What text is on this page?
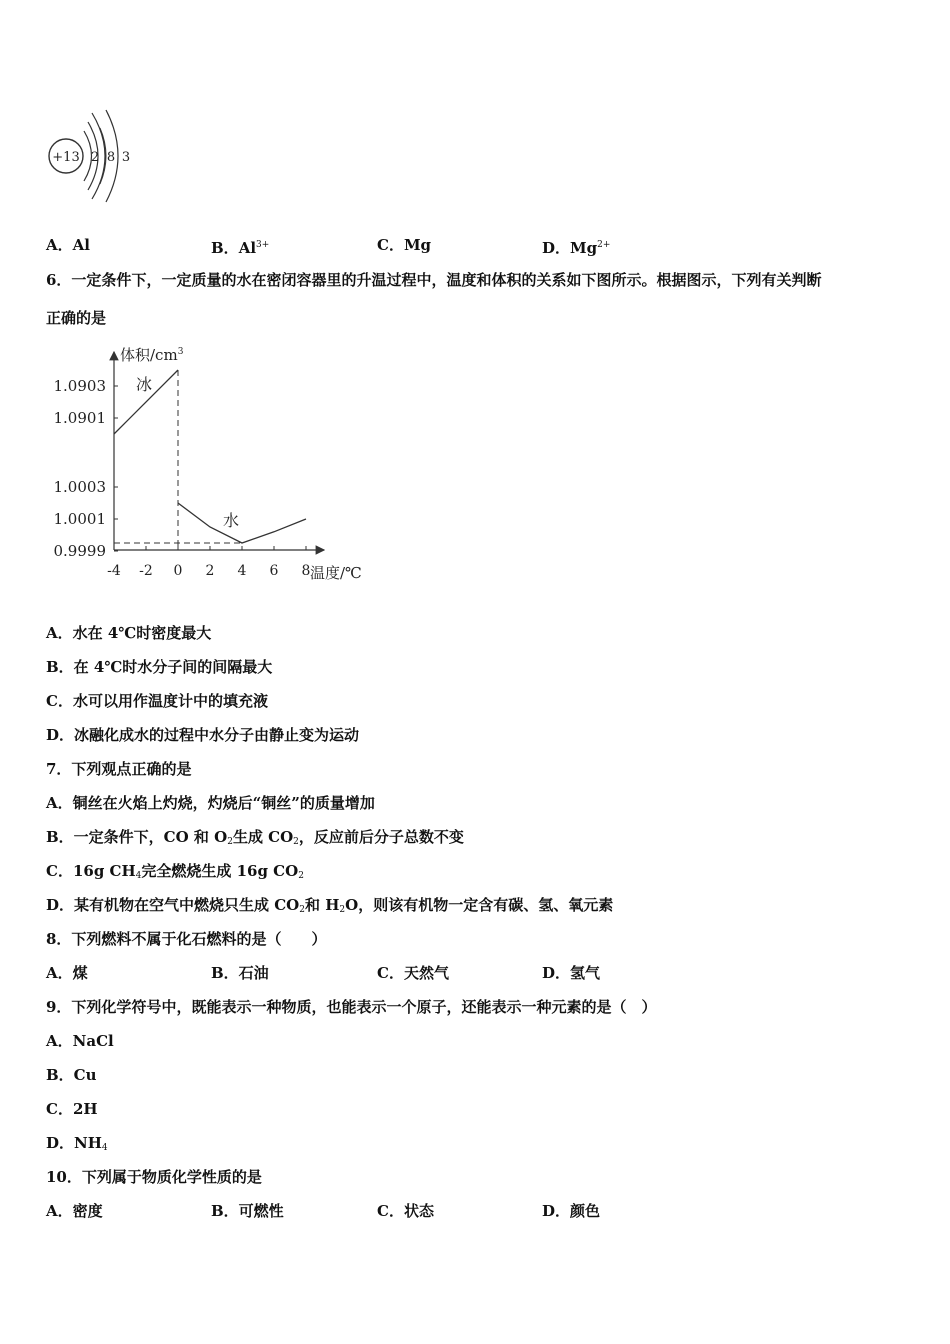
+13 2 8 3
A．Al	B．$Al^{3+}$	C．Mg	D．$Mg^{2+}$
6．一定条件下，一定质量的水在密闭容器里的升温过程中，温度和体积的关系如下图所示。根据图示，下列有关判断
正确的是
体积$/cm^3$
温度/℃
1.0903
1.0901
1.0003
1.0001
0.9999
-4 -2 0 2 4 6 8
冰
水
A．水在 4℃时密度最大
B．在 4℃时水分子间的间隔最大
C．水可以用作温度计中的填充液
D．冰融化成水的过程中水分子由静止变为运动
7．下列观点正确的是
A．铜丝在火焰上灼烧，灼烧后“铜丝”的质量增加
B．一定条件下，CO 和 $O_2$生成 $CO_2$，反应前后分子总数不变
C．16g $CH_4$完全燃烧生成 16g $CO_2$
D．某有机物在空气中燃烧只生成 $CO_2$和 $H_2O$，则该有机物一定含有碳、氢、氧元素
8．下列燃料不属于化石燃料的是（　　）
A．煤	B．石油	C．天然气	D．氢气
9．下列化学符号中，既能表示一种物质，也能表示一个原子，还能表示一种元素的是（　）
A．NaCl
B．Cu
C．2H
D．$NH_4$
10．下列属于物质化学性质的是
A．密度	B．可燃性	C．状态	D．颜色
